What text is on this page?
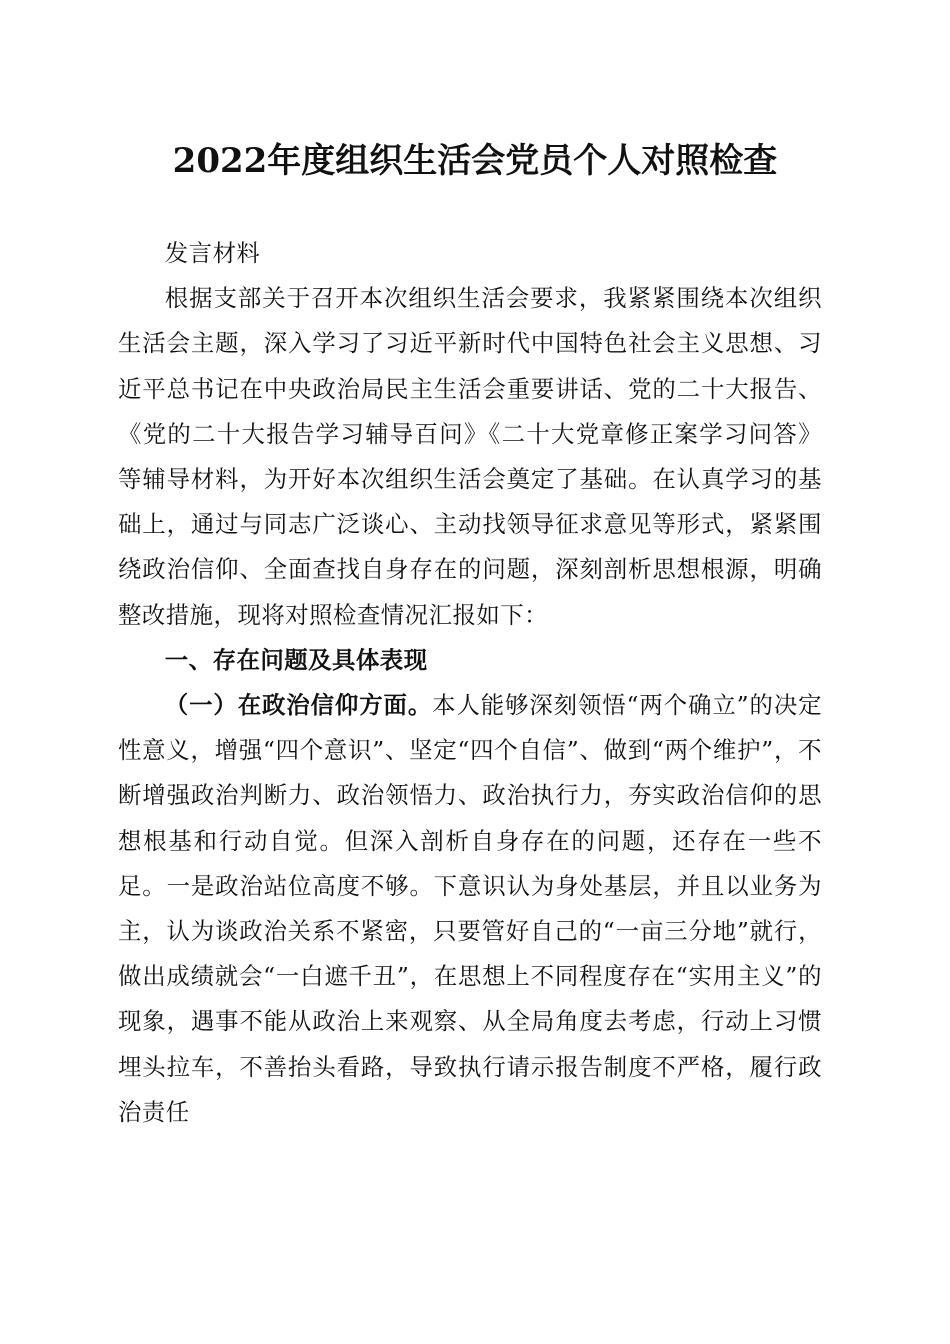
2022年度组织生活会党员个人对照检查

发言材料

根据支部关于召开本次组织生活会要求，我紧紧围绕本次组织生活会主题，深入学习了习近平新时代中国特色社会主义思想、习近平总书记在中央政治局民主生活会重要讲话、党的二十大报告、《党的二十大报告学习辅导百问》《二十大党章修正案学习问答》等辅导材料，为开好本次组织生活会奠定了基础。在认真学习的基础上，通过与同志广泛谈心、主动找领导征求意见等形式，紧紧围绕政治信仰、全面查找自身存在的问题，深刻剖析思想根源，明确整改措施，现将对照检查情况汇报如下：

一、存在问题及具体表现

（一）在政治信仰方面。本人能够深刻领悟“两个确立”的决定性意义，增强“四个意识”、坚定“四个自信”、做到“两个维护”，不断增强政治判断力、政治领悟力、政治执行力，夯实政治信仰的思想根基和行动自觉。但深入剖析自身存在的问题，还存在一些不足。一是政治站位高度不够。下意识认为身处基层，并且以业务为主，认为谈政治关系不紧密，只要管好自己的“一亩三分地”就行，做出成绩就会“一白遮千丑”，在思想上不同程度存在“实用主义”的现象，遇事不能从政治上来观察、从全局角度去考虑，行动上习惯埋头拉车，不善抬头看路，导致执行请示报告制度不严格，履行政治责任
